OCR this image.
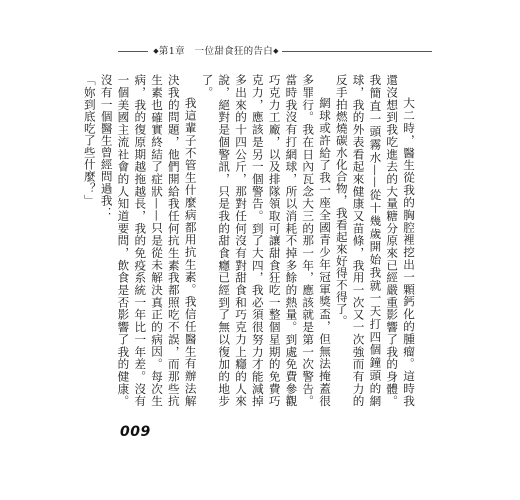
◆第1章　一位甜食狂的告白◆

大二時，醫生從我的胸腔裡挖出一顆鈣化的腫瘤。這時我還沒想到我吃進去的大量糖分原來已經嚴重影響了我的身體。我簡直一頭霧水——從十幾歲開始我就一天打四個鐘頭的網球，我的外表看起來健康又苗條，我用一次又一次強而有力的反手拍燃燒碳水化合物，我看起來好得不得了。

網球或許給了我一座全國青少年冠軍獎盃，但無法掩蓋很多罪行。我在日內瓦念大三的那一年，應該就是第一次警告。當時我沒有打網球，所以消耗不掉多餘的熱量。到處免費參觀巧克力工廠，以及排隊領取可讓甜食狂吃一整個星期的免費巧克力，應該是另一個警告。到了大四，我必須很努力才能減掉多出來的十四公斤，那對任何沒有對甜食和巧克力上癮的人來說，絕對是個警訊，只是我的甜食癮已經到了無以復加的地步了。

我這輩子不管生什麼病都用抗生素。我信任醫生有辦法解決我的問題，他們開給我任何抗生素我都照吃不誤，而那些抗生素也確實終結了症狀——只是從未解決真正的病因。每次生病，我的復原期越拖越長，我的免疫系統一年比一年差。沒有一個美國主流社會的人知道要問，飲食是否影響了我的健康。沒有一個醫生曾經問過我：

「妳到底吃了些什麼？」

009
